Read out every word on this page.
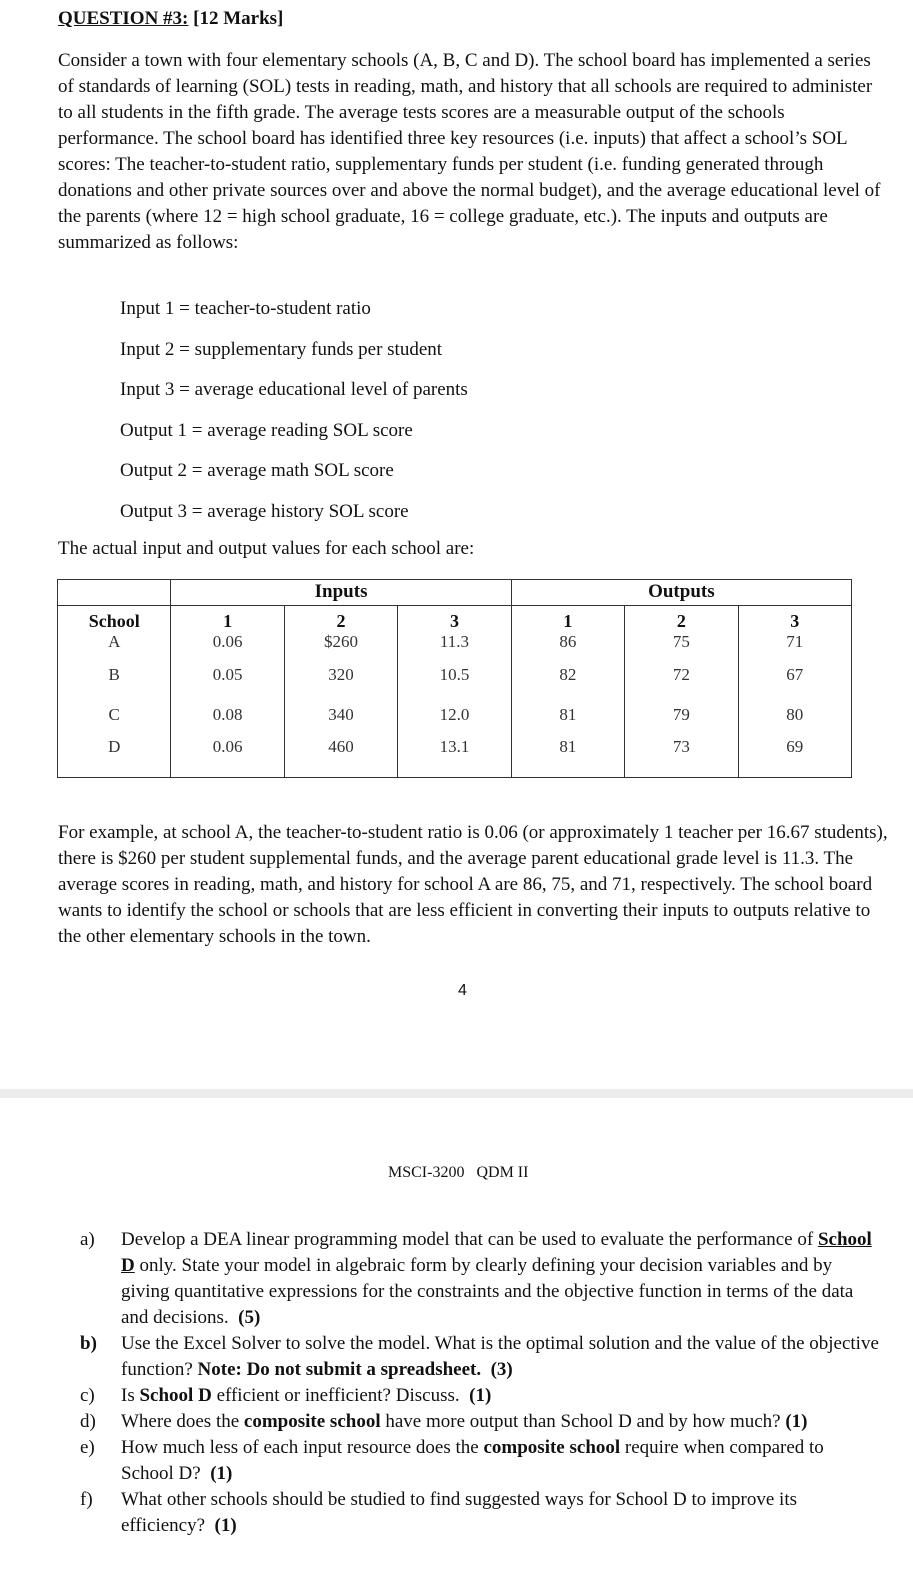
QUESTION #3: [12 Marks]
Consider a town with four elementary schools (A, B, C and D). The school board has implemented a series of standards of learning (SOL) tests in reading, math, and history that all schools are required to administer to all students in the fifth grade. The average tests scores are a measurable output of the schools performance. The school board has identified three key resources (i.e. inputs) that affect a school’s SOL scores: The teacher-to-student ratio, supplementary funds per student (i.e. funding generated through donations and other private sources over and above the normal budget), and the average educational level of the parents (where 12 = high school graduate, 16 = college graduate, etc.). The inputs and outputs are summarized as follows:
Input 1 = teacher-to-student ratio
Input 2 = supplementary funds per student
Input 3 = average educational level of parents
Output 1 = average reading SOL score
Output 2 = average math SOL score
Output 3 = average history SOL score
The actual input and output values for each school are:
	Inputs			Outputs		
School	1	2	3	1	2	3
A	0.06	$260	11.3	86	75	71
B	0.05	320	10.5	82	72	67
C	0.08	340	12.0	81	79	80
D	0.06	460	13.1	81	73	69
For example, at school A, the teacher-to-student ratio is 0.06 (or approximately 1 teacher per 16.67 students), there is $260 per student supplemental funds, and the average parent educational grade level is 11.3. The average scores in reading, math, and history for school A are 86, 75, and 71, respectively. The school board wants to identify the school or schools that are less efficient in converting their inputs to outputs relative to the other elementary schools in the town.
4
MSCI-3200   QDM II
a) Develop a DEA linear programming model that can be used to evaluate the performance of School D only. State your model in algebraic form by clearly defining your decision variables and by giving quantitative expressions for the constraints and the objective function in terms of the data and decisions. (5)
b) Use the Excel Solver to solve the model. What is the optimal solution and the value of the objective function? Note: Do not submit a spreadsheet. (3)
c) Is School D efficient or inefficient? Discuss. (1)
d) Where does the composite school have more output than School D and by how much? (1)
e) How much less of each input resource does the composite school require when compared to School D? (1)
f) What other schools should be studied to find suggested ways for School D to improve its efficiency? (1)
